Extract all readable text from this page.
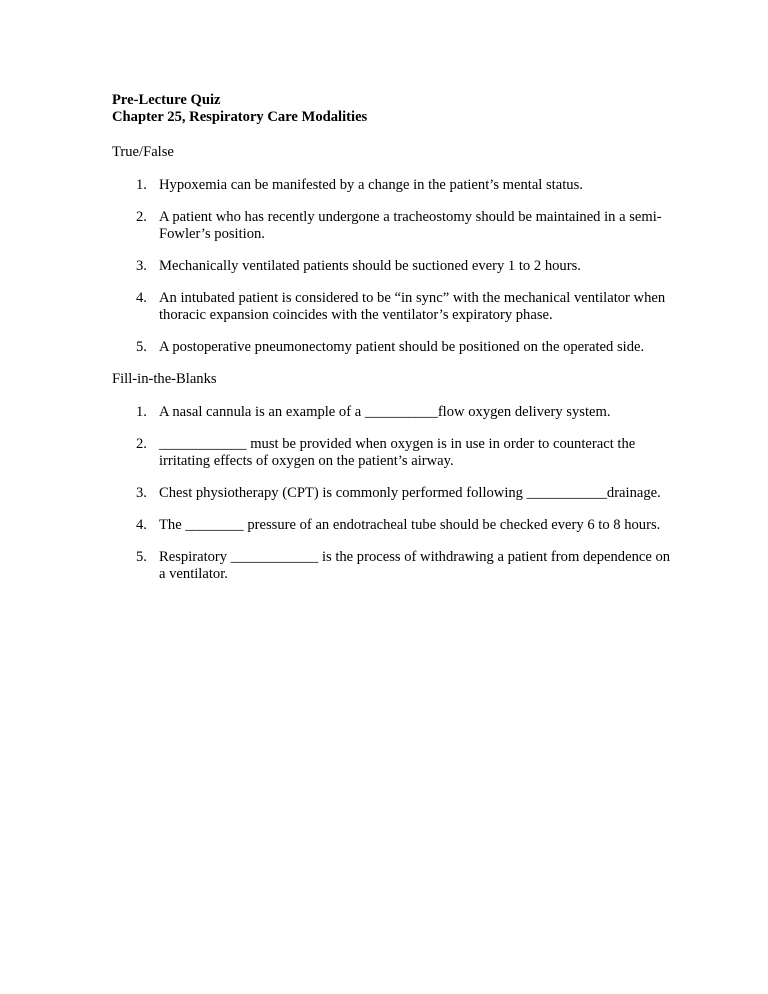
Pre-Lecture Quiz
Chapter 25, Respiratory Care Modalities
True/False
1. Hypoxemia can be manifested by a change in the patient’s mental status.
2. A patient who has recently undergone a tracheostomy should be maintained in a semi-Fowler’s position.
3. Mechanically ventilated patients should be suctioned every 1 to 2 hours.
4. An intubated patient is considered to be “in sync” with the mechanical ventilator when thoracic expansion coincides with the ventilator’s expiratory phase.
5. A postoperative pneumonectomy patient should be positioned on the operated side.
Fill-in-the-Blanks
1. A nasal cannula is an example of a __________flow oxygen delivery system.
2. ____________ must be provided when oxygen is in use in order to counteract the irritating effects of oxygen on the patient’s airway.
3. Chest physiotherapy (CPT) is commonly performed following ___________drainage.
4. The ________ pressure of an endotracheal tube should be checked every 6 to 8 hours.
5. Respiratory ____________ is the process of withdrawing a patient from dependence on a ventilator.
